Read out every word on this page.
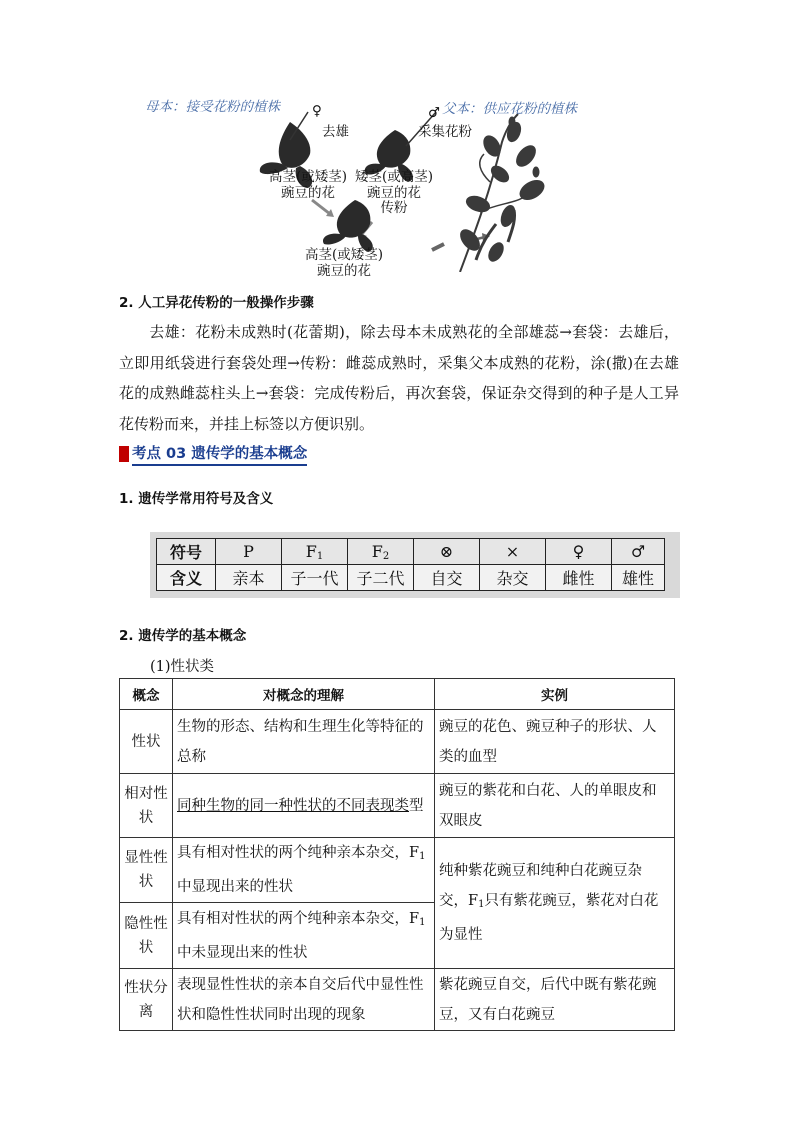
母本：接受花粉的植株 ♀
去雄
♂ 父本：供应花粉的植株
采集花粉
高茎(或矮茎)
豌豆的花
矮茎(或高茎)
豌豆的花
传粉
高茎(或矮茎)
豌豆的花
2. 人工异花传粉的一般操作步骤
去雄：花粉未成熟时(花蕾期)，除去母本未成熟花的全部雄蕊→套袋：去雄后，立即用纸袋进行套袋处理→传粉：雌蕊成熟时，采集父本成熟的花粉，涂(撒)在去雄花的成熟雌蕊柱头上→套袋：完成传粉后，再次套袋，保证杂交得到的种子是人工异花传粉而来，并挂上标签以方便识别。
考点 03 遗传学的基本概念
1. 遗传学常用符号及含义
符号	P	$F_1$	$F_2$	⊗	×	♀	♂
含义	亲本	子一代	子二代	自交	杂交	雌性	雄性
2. 遗传学的基本概念
(1)性状类
概念	对概念的理解	实例
性状	生物的形态、结构和生理生化等特征的总称	豌豆的花色、豌豆种子的形状、人类的血型
相对性状	同种生物的同一种性状的不同表现类型	豌豆的紫花和白花、人的单眼皮和双眼皮
显性性状	具有相对性状的两个纯种亲本杂交，$F_1$中显现出来的性状	纯种紫花豌豆和纯种白花豌豆杂交，$F_1$只有紫花豌豆，紫花对白花为显性
隐性性状	具有相对性状的两个纯种亲本杂交，$F_1$中未显现出来的性状	
性状分离	表现显性性状的亲本自交后代中显性性状和隐性性状同时出现的现象	紫花豌豆自交，后代中既有紫花豌豆，又有白花豌豆
